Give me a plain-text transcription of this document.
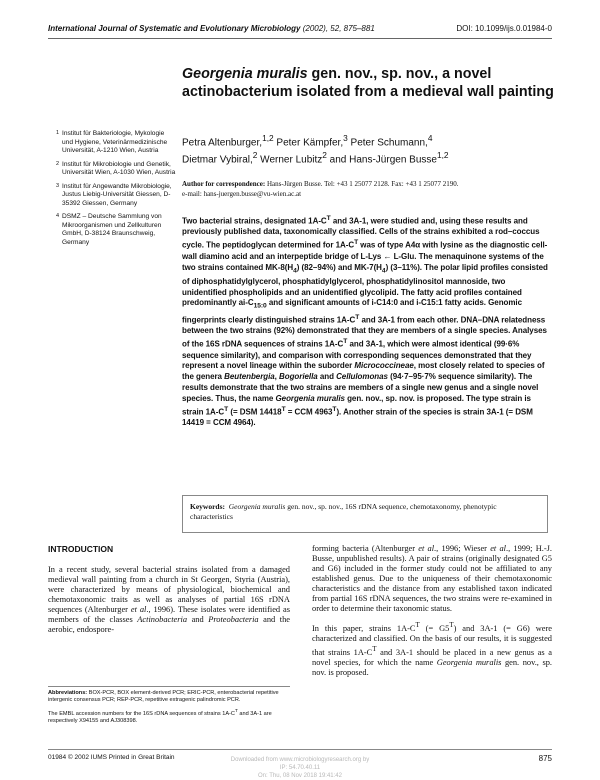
International Journal of Systematic and Evolutionary Microbiology (2002), 52, 875–881	DOI: 10.1099/ijs.0.01984-0
Georgenia muralis gen. nov., sp. nov., a novel actinobacterium isolated from a medieval wall painting
Petra Altenburger,$^{1,2}$ Peter Kämpfer,$^3$ Peter Schumann,$^4$
Dietmar Vybiral,$^2$ Werner Lubitz$^2$ and Hans-Jürgen Busse$^{1,2}$
1 Institut für Bakteriologie, Mykologie und Hygiene, Veterinärmedizinische Universität, A-1210 Wien, Austria
2 Institut für Mikrobiologie und Genetik, Universität Wien, A-1030 Wien, Austria
3 Institut für Angewandte Mikrobiologie, Justus Liebig-Universität Giessen, D-35392 Giessen, Germany
4 DSMZ – Deutsche Sammlung von Mikroorganismen und Zellkulturen GmbH, D-38124 Braunschweig, Germany
Author for correspondence: Hans-Jürgen Busse. Tel: +43 1 25077 2128. Fax: +43 1 25077 2190.
e-mail: hans-juergen.busse@vu-wien.ac.at
Two bacterial strains, designated $1A-C^T$ and 3A-1, were studied and, using these results and previously published data, taxonomically classified. Cells of the strains exhibited a rod–coccus cycle. The peptidoglycan determined for $1A-C^T$ was of type A4α with lysine as the diagnostic cell-wall diamino acid and an interpeptide bridge of L-Lys ← L-Glu. The menaquinone systems of the two strains contained $MK-8(H_4)$ (82–94%) and $MK-7(H_4)$ (3–11%). The polar lipid profiles consisted of diphosphatidylglycerol, phosphatidylglycerol, phosphatidylinositol mannoside, two unidentified phospholipids and an unidentified glycolipid. The fatty acid profiles contained predominantly $ai-C_{15:0}$ and significant amounts of i-C14:0 and i-C15:1 fatty acids. Genomic fingerprints clearly distinguished strains $1A-C^T$ and 3A-1 from each other. DNA–DNA relatedness between the two strains (92%) demonstrated that they are members of a single species. Analyses of the 16S rDNA sequences of strains $1A-C^T$ and 3A-1, which were almost identical (99·6% sequence similarity), and comparison with corresponding sequences demonstrated that they represent a novel lineage within the suborder Micrococcineae, most closely related to species of the genera Beutenbergia, Bogoriella and Cellulomonas (94·7–95·7% sequence similarity). The results demonstrate that the two strains are members of a single new genus and a single novel species. Thus, the name Georgenia muralis gen. nov., sp. nov. is proposed. The type strain is strain $1A-C^T$ (= DSM $14418^T$ = CCM $4963^T$). Another strain of the species is strain 3A-1 (= DSM 14419 = CCM 4964).
Keywords: Georgenia muralis gen. nov., sp. nov., 16S rDNA sequence, chemotaxonomy, phenotypic characteristics
INTRODUCTION

In a recent study, several bacterial strains isolated from a damaged medieval wall painting from a church in St Georgen, Styria (Austria), were characterized by means of physiological, biochemical and chemotaxonomic traits as well as analyses of partial 16S rDNA sequences (Altenburger et al., 1996). These isolates were identified as members of the classes Actinobacteria and Proteobacteria and the aerobic, endospore-

forming bacteria (Altenburger et al., 1996; Wieser et al., 1999; H.-J. Busse, unpublished results). A pair of strains (originally designated G5 and G6) included in the former study could not be affiliated to any established genus. Due to the uniqueness of their chemotaxonomic characteristics and the distance from any established taxon indicated from partial 16S rDNA sequences, the two strains were re-examined in order to determine their taxonomic status.

In this paper, strains $1A-C^T$ (= $G5^T$) and 3A-1 (= G6) were characterized and classified. On the basis of our results, it is suggested that strains $1A-C^T$ and 3A-1 should be placed in a new genus as a novel species, for which the name Georgenia muralis gen. nov., sp. nov. is proposed.

Abbreviations: BOX-PCR, BOX element-derived PCR; ERIC-PCR, enterobacterial repetitive intergenic consensus PCR; REP-PCR, repetitive extragenic palindromic PCR.

The EMBL accession numbers for the 16S rDNA sequences of strains $1A-C^T$ and 3A-1 are respectively X94155 and AJ308398.

01984 © 2002 IUMS Printed in Great Britain	875
Downloaded from www.microbiologyresearch.org by
IP: 54.70.40.11
On: Thu, 08 Nov 2018 19:41:42
